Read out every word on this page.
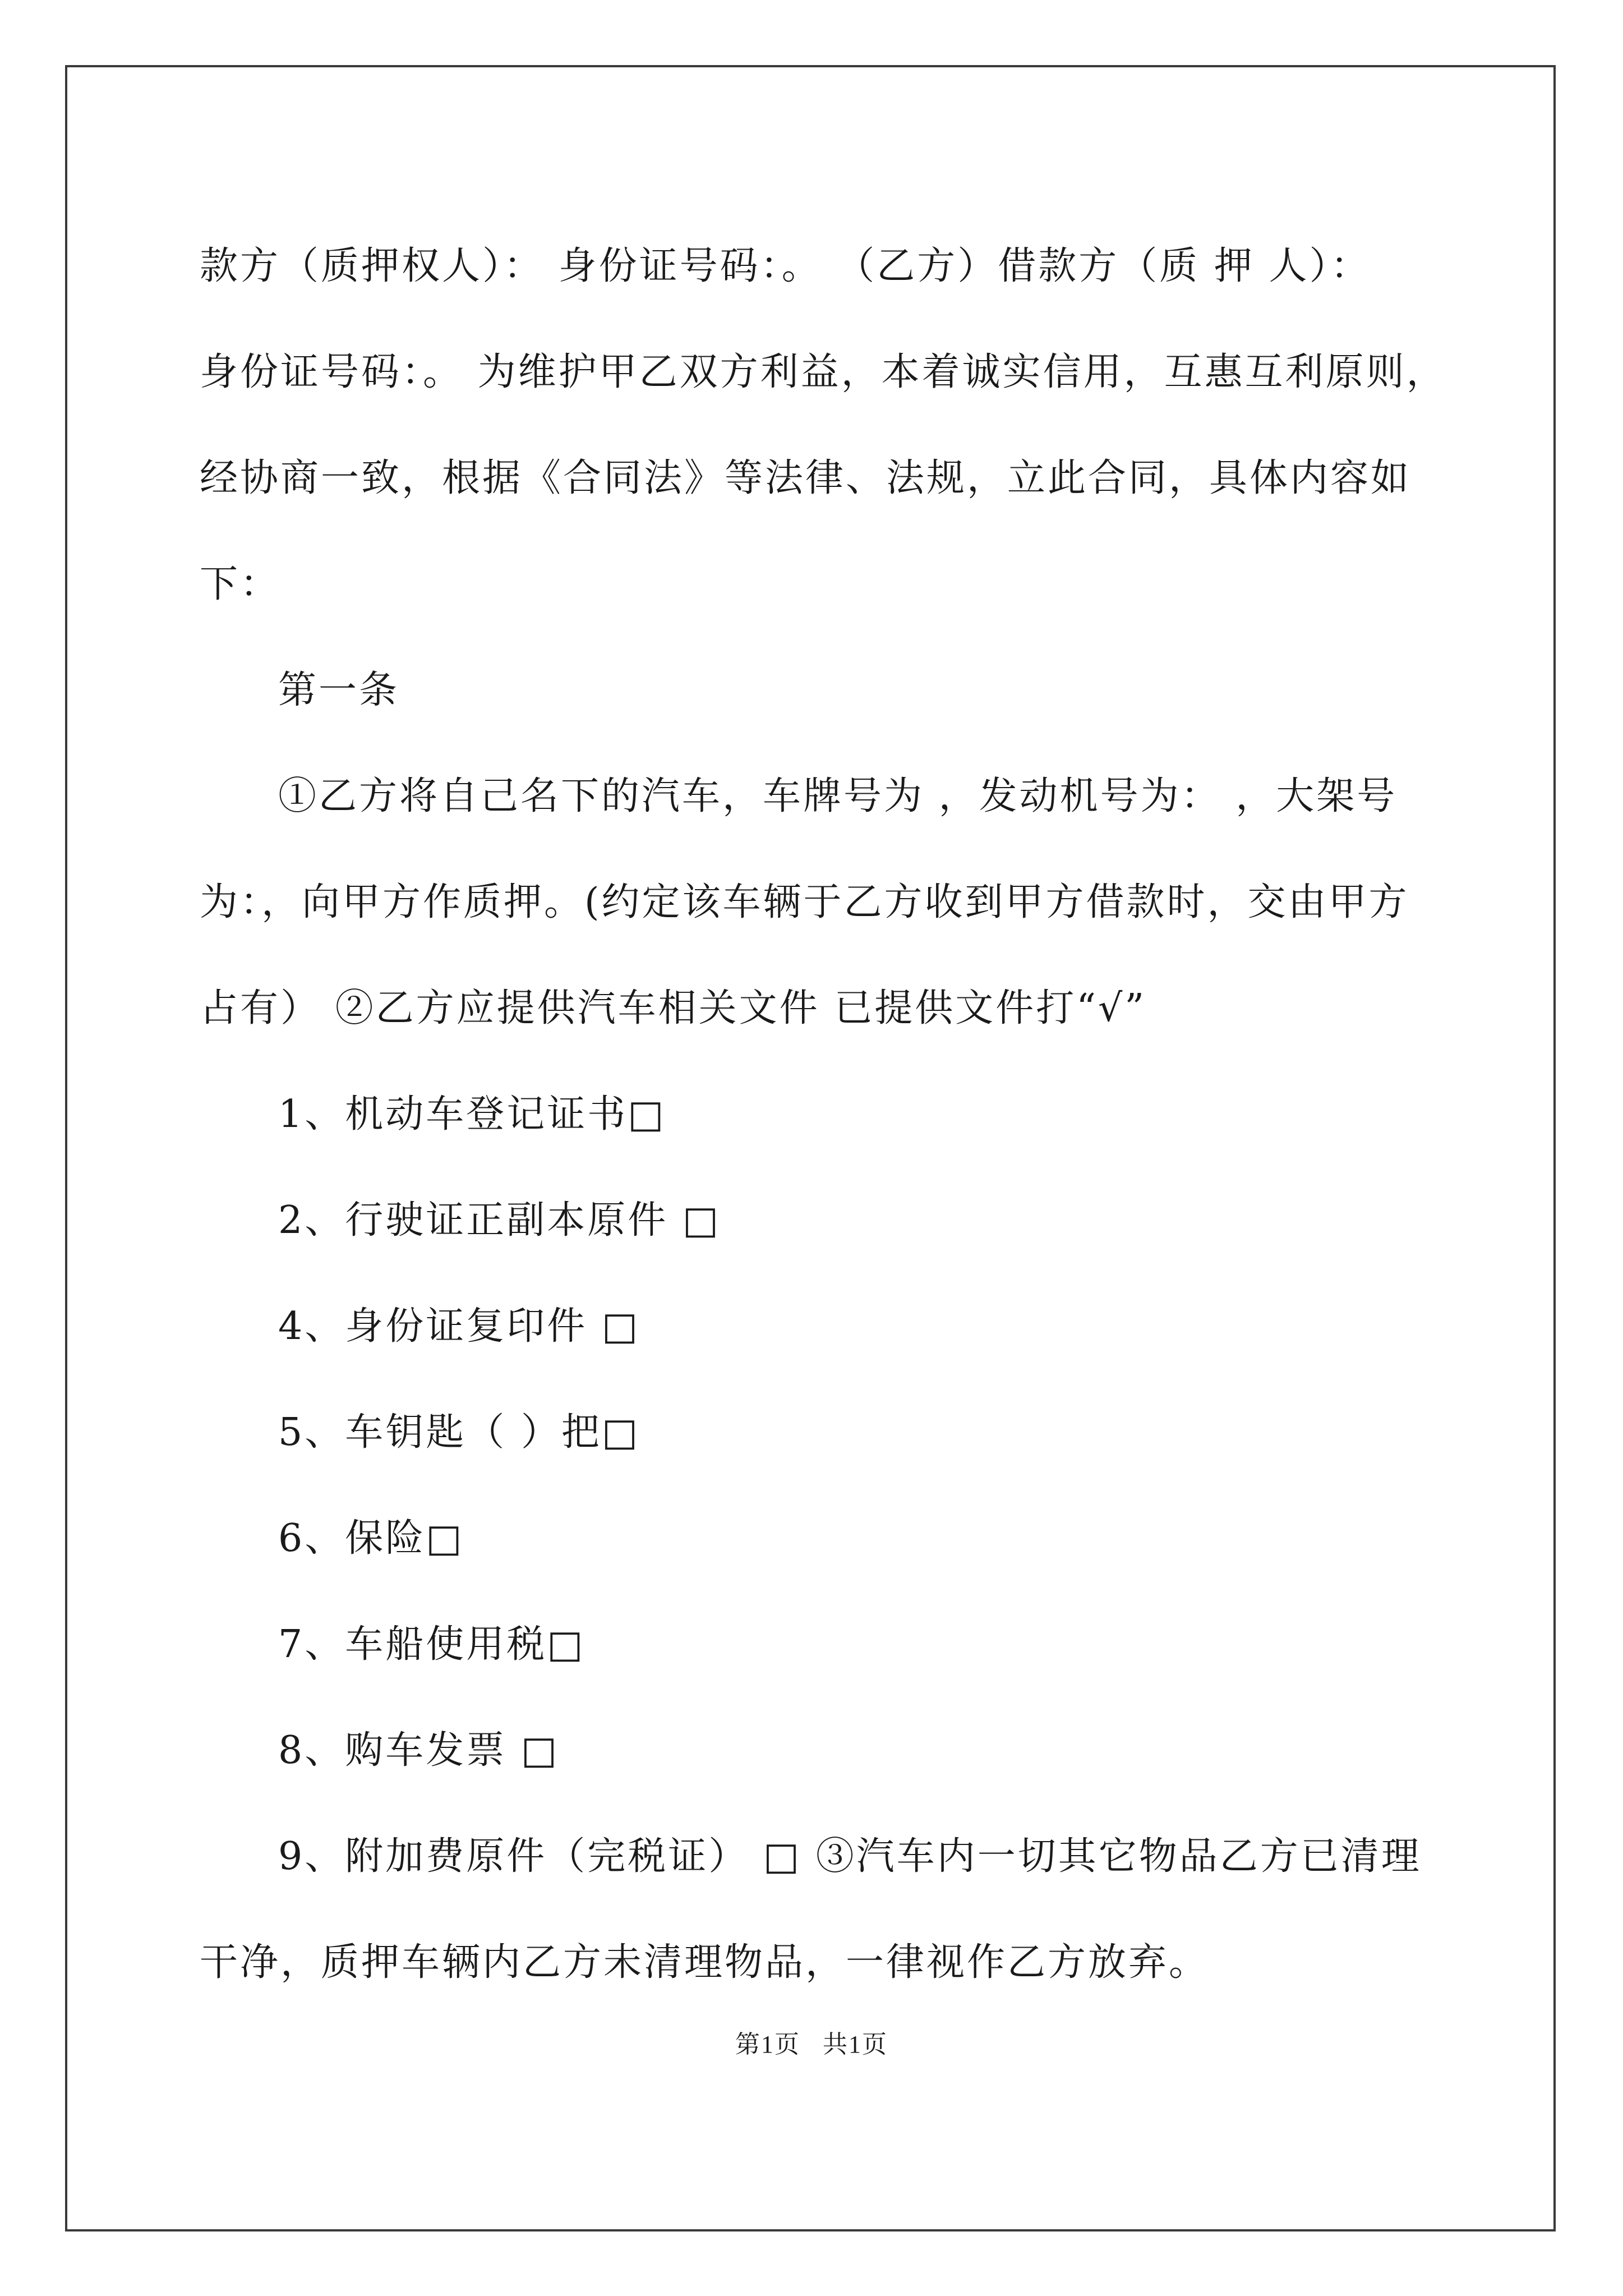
款方（质押权人）： 身份证号码：。 （乙方）借款方（质 押 人）：

身份证号码：。 为维护甲乙双方利益，本着诚实信用，互惠互利原则，

经协商一致，根据《合同法》等法律、法规，立此合同，具体内容如

下：

第一条

①乙方将自己名下的汽车，车牌号为 ，发动机号为： ，大架号

为：，向甲方作质押。(约定该车辆于乙方收到甲方借款时，交由甲方

占有） ②乙方应提供汽车相关文件 已提供文件打“√”

1、机动车登记证书□

2、行驶证正副本原件 □

4、身份证复印件 □

5、车钥匙（ ）把□

6、保险□

7、车船使用税□

8、购车发票 □

9、附加费原件（完税证） □ ③汽车内一切其它物品乙方已清理

干净，质押车辆内乙方未清理物品，一律视作乙方放弃。

第1页 共1页
